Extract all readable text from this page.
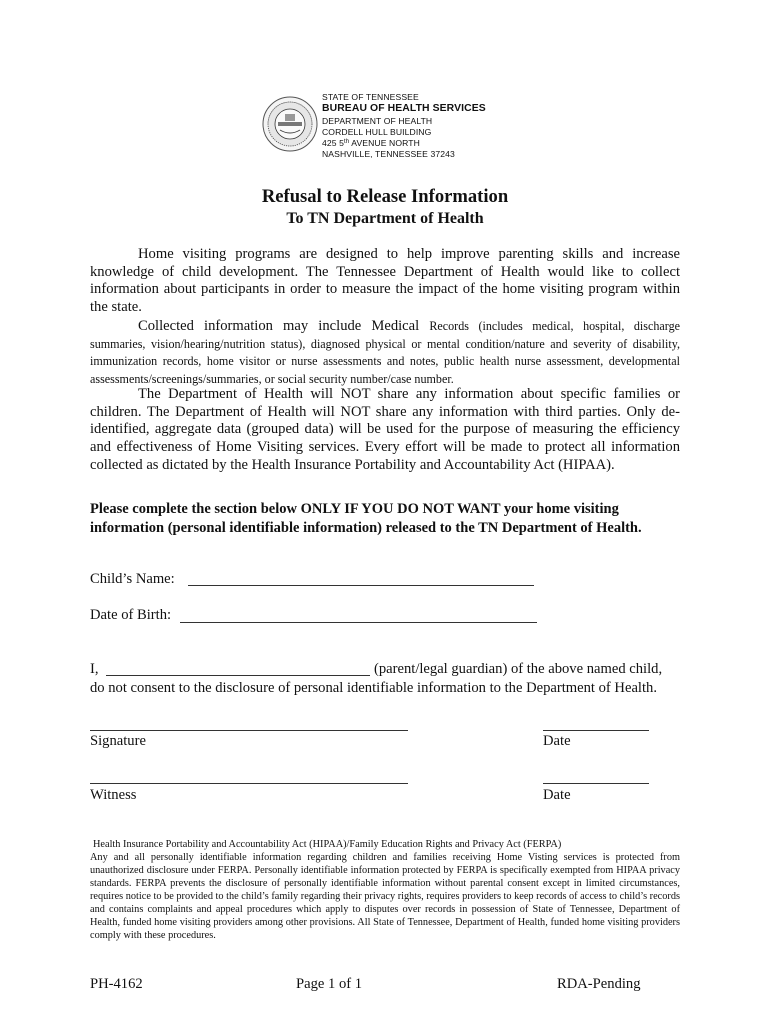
STATE OF TENNESSEE
BUREAU OF HEALTH SERVICES
DEPARTMENT OF HEALTH
CORDELL HULL BUILDING
425 5th AVENUE NORTH
NASHVILLE, TENNESSEE 37243
Refusal to Release Information
To TN Department of Health
Home visiting programs are designed to help improve parenting skills and increase knowledge of child development. The Tennessee Department of Health would like to collect information about participants in order to measure the impact of the home visiting program within the state.
Collected information may include Medical Records (includes medical, hospital, discharge summaries, vision/hearing/nutrition status), diagnosed physical or mental condition/nature and severity of disability, immunization records, home visitor or nurse assessments and notes, public health nurse assessment, developmental assessments/screenings/summaries, or social security number/case number.
The Department of Health will NOT share any information about specific families or children. The Department of Health will NOT share any information with third parties. Only de-identified, aggregate data (grouped data) will be used for the purpose of measuring the efficiency and effectiveness of Home Visiting services. Every effort will be made to protect all information collected as dictated by the Health Insurance Portability and Accountability Act (HIPAA).
Please complete the section below ONLY IF YOU DO NOT WANT your home visiting information (personal identifiable information) released to the TN Department of Health.
Child’s Name:
Date of Birth:
I,	(parent/legal guardian) of the above named child,
do not consent to the disclosure of personal identifiable information to the Department of Health.
Signature	Date
Witness	Date
Health Insurance Portability and Accountability Act (HIPAA)/Family Education Rights and Privacy Act (FERPA)
Any and all personally identifiable information regarding children and families receiving Home Visting services is protected from unauthorized disclosure under FERPA. Personally identifiable information protected by FERPA is specifically exempted from HIPAA privacy standards. FERPA prevents the disclosure of personally identifiable information without parental consent except in limited circumstances, requires notice to be provided to the child’s family regarding their privacy rights, requires providers to keep records of access to child’s records and contains complaints and appeal procedures which apply to disputes over records in possession of State of Tennessee, Department of Health, funded home visiting providers among other provisions. All State of Tennessee, Department of Health, funded home visiting providers comply with these procedures.
PH-4162	Page 1 of 1	RDA-Pending
